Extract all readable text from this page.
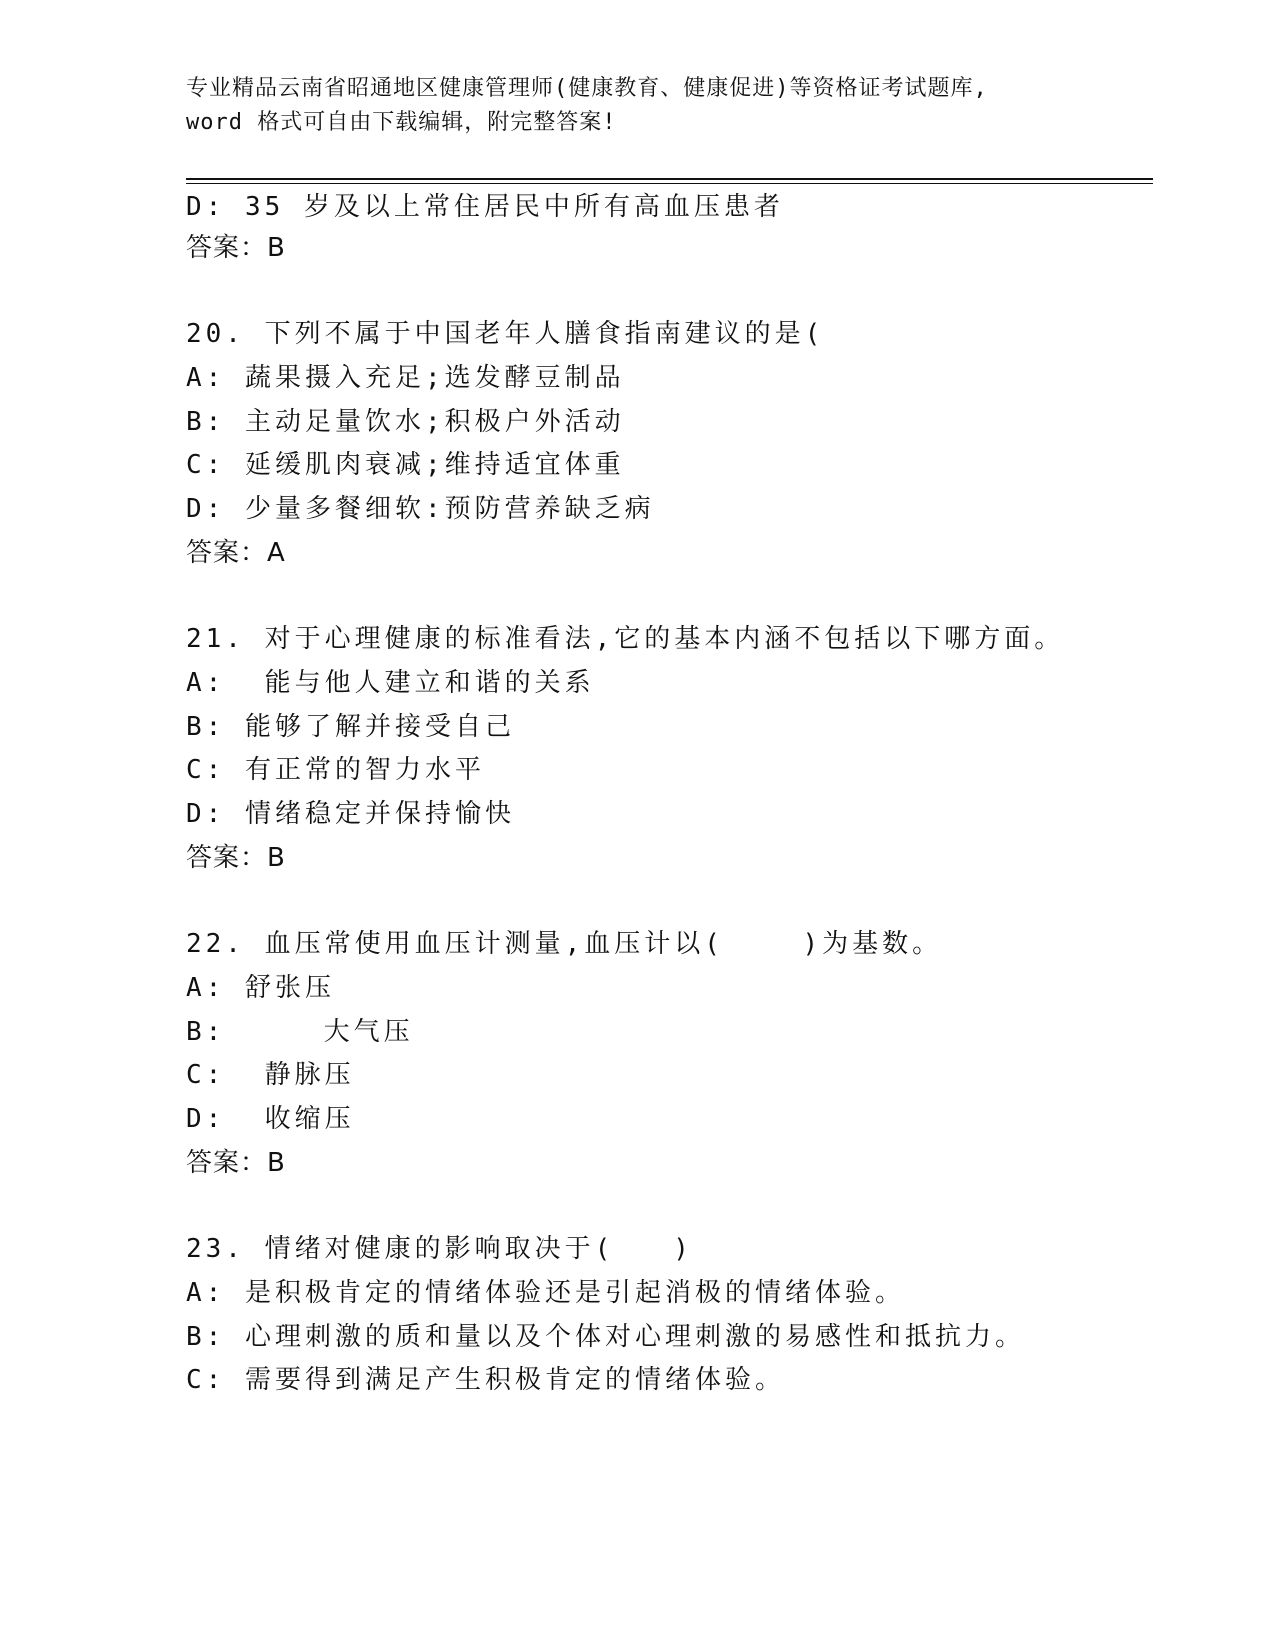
专业精品云南省昭通地区健康管理师(健康教育、健康促进)等资格证考试题库,
word 格式可自由下载编辑，附完整答案!
D: 35 岁及以上常住居民中所有高血压患者
答案：B
20. 下列不属于中国老年人膳食指南建议的是(
A: 蔬果摄入充足;选发酵豆制品
B: 主动足量饮水;积极户外活动
C: 延缓肌肉衰减;维持适宜体重
D: 少量多餐细软:预防营养缺乏病
答案：A
21. 对于心理健康的标准看法,它的基本内涵不包括以下哪方面。
A:  能与他人建立和谐的关系
B: 能够了解并接受自己
C: 有正常的智力水平
D: 情绪稳定并保持愉快
答案：B
22. 血压常使用血压计测量,血压计以(    )为基数。
A: 舒张压
B:     大气压
C:  静脉压
D:  收缩压
答案：B
23. 情绪对健康的影响取决于(   )
A: 是积极肯定的情绪体验还是引起消极的情绪体验。
B: 心理刺激的质和量以及个体对心理刺激的易感性和抵抗力。
C: 需要得到满足产生积极肯定的情绪体验。
